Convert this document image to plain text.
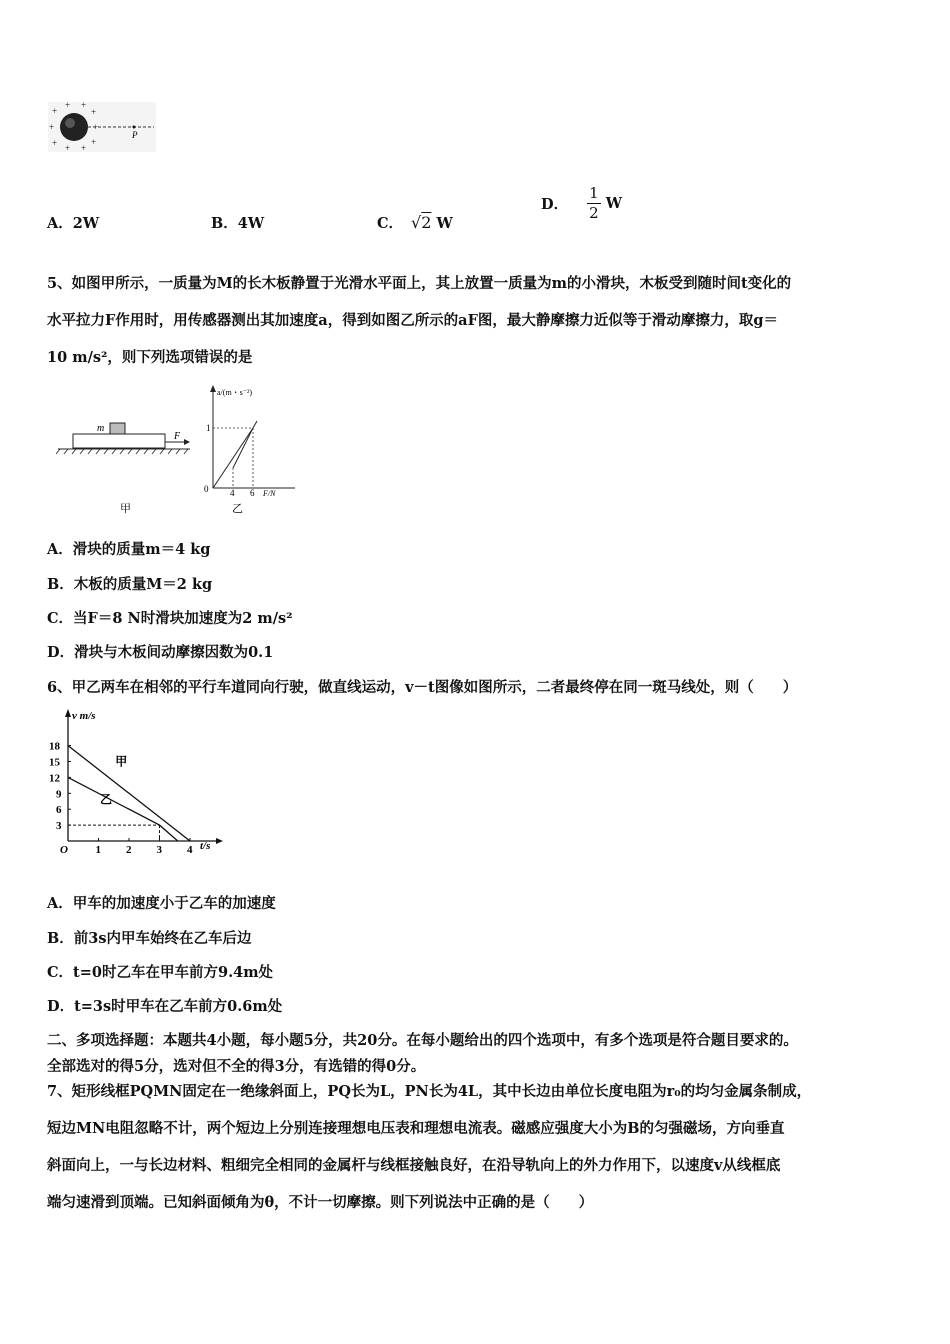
+
+ +
+
+	+
+ + +
+
P
A．2W	B．4W	C． √2 W
D． $\frac{1}{2}$ W
5、如图甲所示，一质量为M的长木板静置于光滑水平面上，其上放置一质量为m的小滑块，木板受到随时间t变化的
水平拉力F作用时，用传感器测出其加速度a，得到如图乙所示的aF图，最大静摩擦力近似等于滑动摩擦力，取g＝
10 m/s²，则下列选项错误的是
m
F
甲
a/(m・s⁻²)
1
0 4 6 F/N
乙
A．滑块的质量m＝4 kg
B．木板的质量M＝2 kg
C．当F＝8 N时滑块加速度为2 m/s²
D．滑块与木板间动摩擦因数为0.1
6、甲乙两车在相邻的平行车道同向行驶，做直线运动，v－t图像如图所示，二者最终停在同一斑马线处，则（　　）
v m/s
t/s
O	1 2 3 4
3
6
9
12
15
18
甲
乙
A．甲车的加速度小于乙车的加速度
B．前3s内甲车始终在乙车后边
C．t=0时乙车在甲车前方9.4m处
D．t=3s时甲车在乙车前方0.6m处
二、多项选择题：本题共4小题，每小题5分，共20分。在每小题给出的四个选项中，有多个选项是符合题目要求的。
全部选对的得5分，选对但不全的得3分，有选错的得0分。
7、矩形线框PQMN固定在一绝缘斜面上，PQ长为L，PN长为4L，其中长边由单位长度电阻为r₀的均匀金属条制成，
短边MN电阻忽略不计，两个短边上分别连接理想电压表和理想电流表。磁感应强度大小为B的匀强磁场，方向垂直
斜面向上，一与长边材料、粗细完全相同的金属杆与线框接触良好，在沿导轨向上的外力作用下，以速度v从线框底
端匀速滑到顶端。已知斜面倾角为θ，不计一切摩擦。则下列说法中正确的是（　　）
